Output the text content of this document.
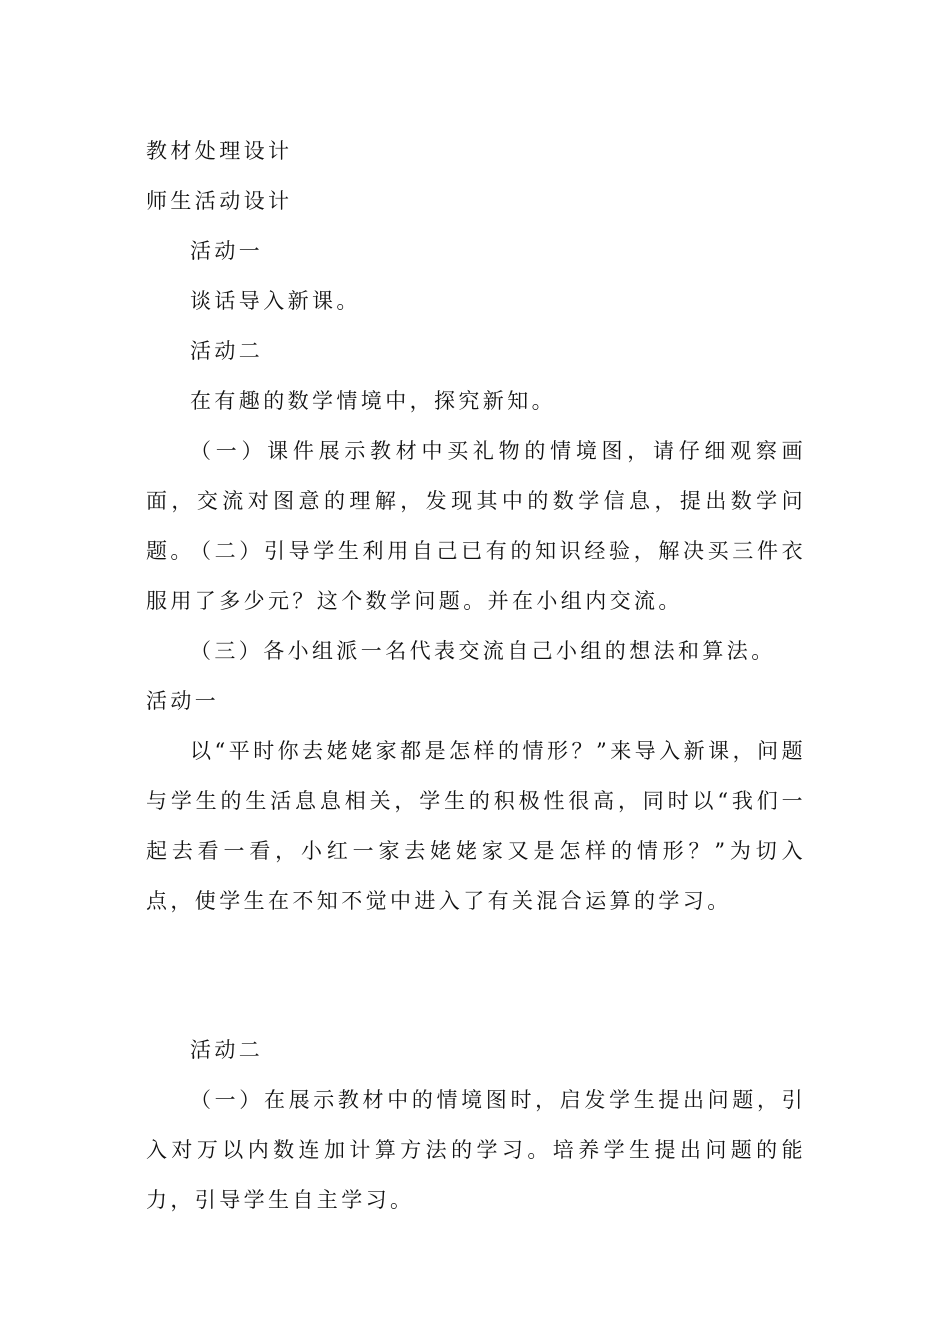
教材处理设计
师生活动设计
活动一
谈话导入新课。
活动二
在有趣的数学情境中，探究新知。
（一）课件展示教材中买礼物的情境图，请仔细观察画面，交流对图意的理解，发现其中的数学信息，提出数学问题。
（二）引导学生利用自己已有的知识经验，解决买三件衣服用了多少元？这个数学问题。并在小组内交流。
（三）各小组派一名代表交流自己小组的想法和算法。
活动一
以“平时你去姥姥家都是怎样的情形？”来导入新课，问题与学生的生活息息相关，学生的积极性很高，同时以“我们一起去看一看，小红一家去姥姥家又是怎样的情形？”为切入点，使学生在不知不觉中进入了有关混合运算的学习。
活动二
（一）在展示教材中的情境图时，启发学生提出问题，引入对万以内数连加计算方法的学习。培养学生提出问题的能力，引导学生自主学习。
